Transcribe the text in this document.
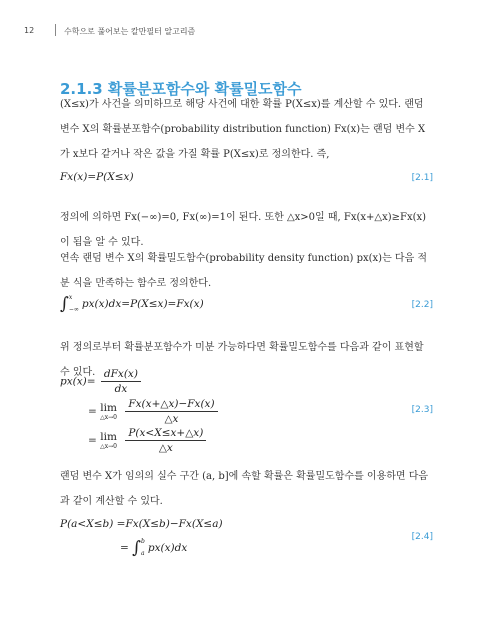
12	수학으로 풀어보는 칼만필터 알고리즘
2.1.3 확률분포함수와 확률밀도함수
(X≤x)가 사건을 의미하므로 해당 사건에 대한 확률 P(X≤x)를 계산할 수 있다. 랜덤 변수 X의 확률분포함수(probability distribution function) Fx(x)는 랜덤 변수 X가 x보다 같거나 작은 값을 가질 확률 P(X≤x)로 정의한다. 즉,
Fx(x)=P(X≤x)	[2.1]
정의에 의하면 Fx(−∞)=0, Fx(∞)=1이 된다. 또한 △x>0일 때, Fx(x+△x)≥Fx(x)이 됨을 알 수 있다.
연속 랜덤 변수 X의 확률밀도함수(probability density function) px(x)는 다음 적분 식을 만족하는 함수로 정의한다.
∫ x
−∞ px(x)dx=P(X≤x)=Fx(x)	[2.2]
위 정의로부터 확률분포함수가 미분 가능하다면 확률밀도함수를 다음과 같이 표현할 수 있다.
$px(x)= \frac{\text{dFx(x)}}{dx}$
= lim
△x→0
$\frac{Fx(x+\triangle x)-Fx(x)}{\triangle x}$	[2.3]
= lim
△x→0
$\frac{P(x<X\le x+\triangle x)}{\triangle x}$
랜덤 변수 X가 임의의 실수 구간 (a, b]에 속할 확률은 확률밀도함수를 이용하면 다음과 같이 계산할 수 있다.
P(a<X≤b) =Fx(X≤b)−Fx(X≤a)
[2.4]
= ∫ b
a px(x)dx
